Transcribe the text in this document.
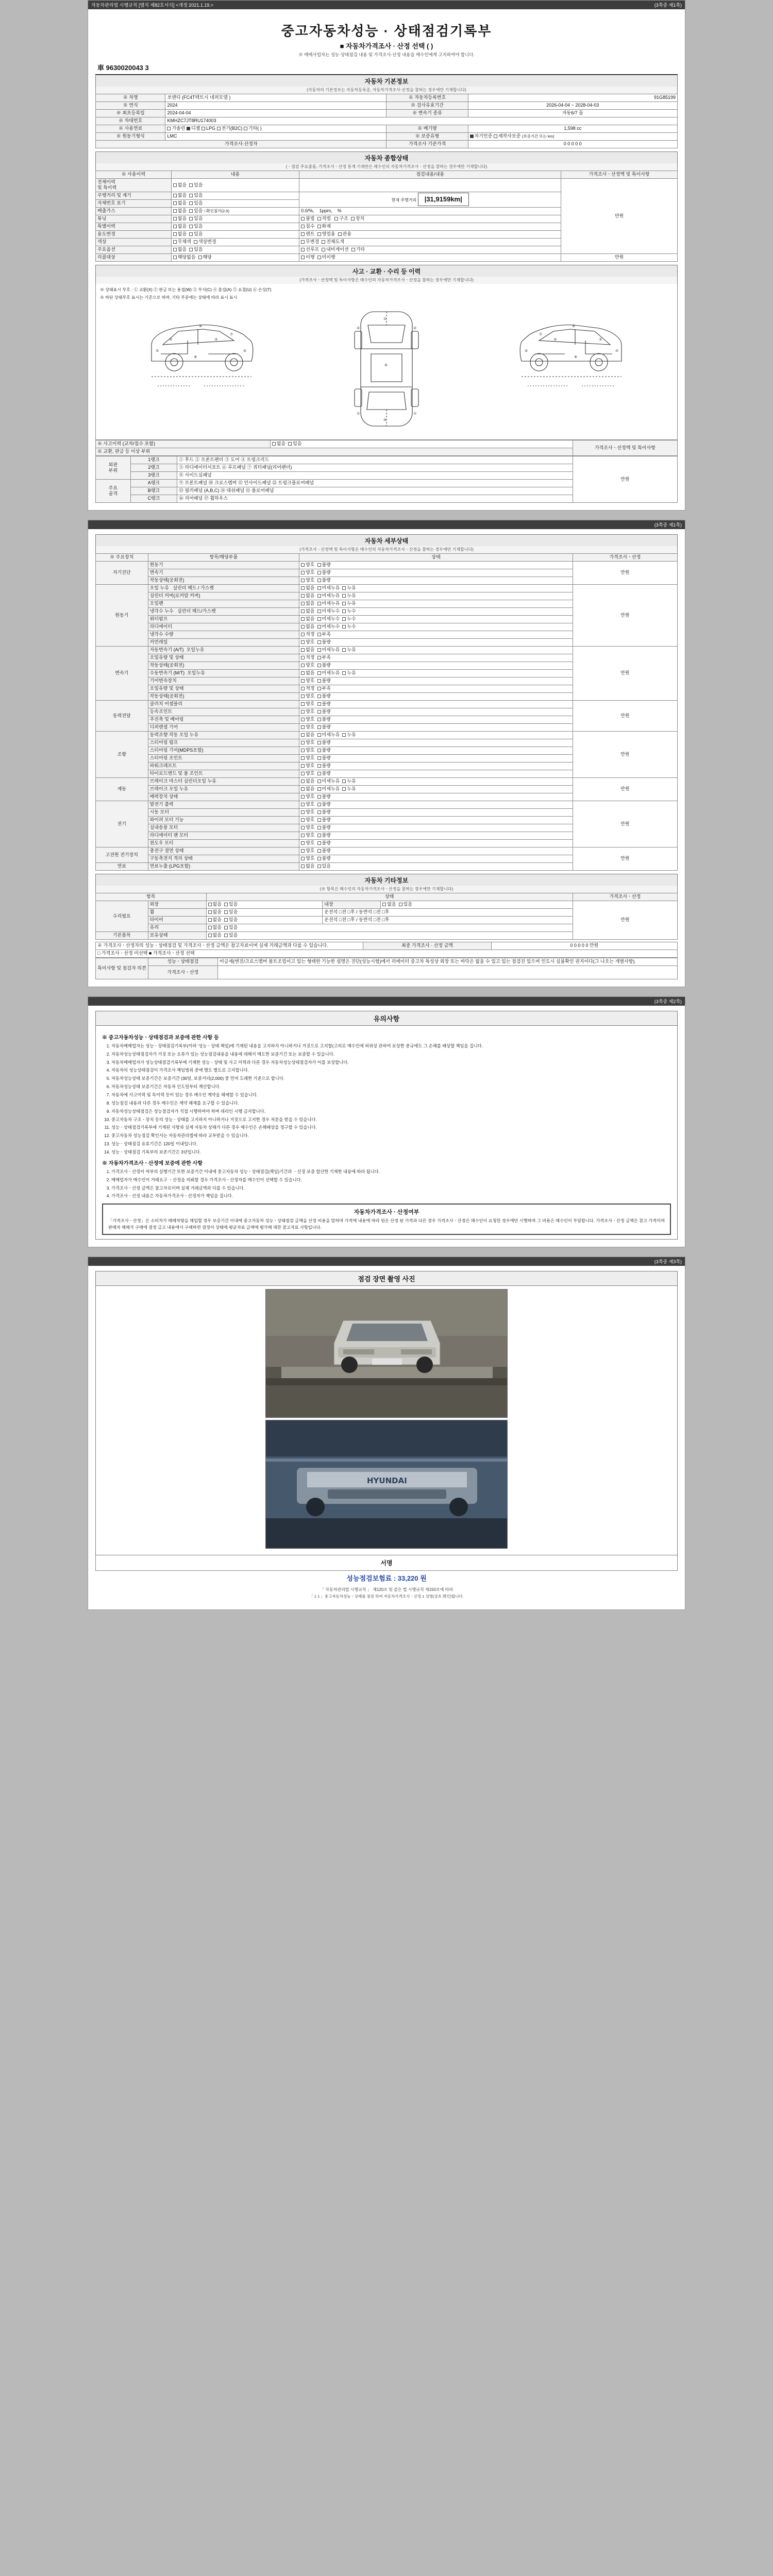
자동차관리법 시행규칙 [별지 제82호서식] <개정 2021.1.19.>	(3쪽중 제1쪽)
중고자동차성능 · 상태점검기록부
■ 자동차가격조사 · 산정 선택 ( )
※ 매매사업자는 성능·상태점검 내용 및 가격조사·산정 내용을 매수인에게 고지하여야 합니다.
車 9630020043 3
자동차 기본정보
(자동차의 기본정보는 자동차등록증, 자동차가격조사·산정을 참하는 경우에만 기재합니다)
※ 차명	쏘렌티 (FC4T텍트시 네퍼모델 )	※ 자동차등록번호	91G85199
※ 연식	2024	※ 검사유효기간	2026-04-04 ~ 2028-04-03
※ 최초등록일	2024-04-04	※ 변속기 종류	자동6/7 둘
※ 차대번호	KMHZC7JT8RU174003		
※ 사용연료	가솔린 디젤 LPG 전기(B2C) 기타( )	※ 배기량	1,598 cc
※ 원동기형식	LMC	※ 보증유형	자기인증 제작사보증 (보증기간 또는 km)
가격조사·산정자		가격조사 기준가격	0 0 0 0 0
자동차 종합상태
(ㆍ점검 주요출품, 가격조사ㆍ산정 통계 기재란은 매수인의 자동차가격조사ㆍ산정을 참하는 경우에만 기재합니다)
※ 사용이력	내용	점검내용/내용	가격조사ㆍ산정액 및 특이사항
전체이력
및 특이력	없음  있음		만원
주행거리 및 계기	없음  있음	현재 주행거리 |31,9159km|	
자체번호 표기	없음  있음		
배출가스	없음  있음 □확인불가(2.0)	0.0/%,    1ppm,    %	
튜닝	없음  있음	불법  적법   구조  장치	
특별이력	없음  있음	침수  화재	
용도변경	없음  있음	렌트  영업용  관용	
색상	무채색  색상변경	무변경  전체도색	
주요옵션	없음  있음	선루프  내비게이션  기타	
리콜대상	해당없음  해당	이행  미이행	만원
사고 · 교환 · 수리 등 이력
(가격조사ㆍ산정액 및 특이사항은 매수인의 자동차가격조사ㆍ산정을 참하는 경우에만 기재합니다)
※ 상태표시 부호 : ① 교환(X) ② 판금 또는 용접(W) ③ 부식(C) ④ 흠집(A) ⑤ 요철(U) ⑥ 손상(T)
※ 하단 상태부호 표시는 기준으로 하며, 기타 부분에는 상태에 따라 표시 표시
③	③
②	④
⑥
⑦
⑧
①
④
②	②
⑥
⑦	⑦
③
③
②
④
⑥
⑦
⑧
※ 사고이력 (교차/침수 포함)	없음  있음	가격조사ㆍ산정액 및 특이사항
※ 교환, 판금 등 이상 부위
외판
부위	1랭크	① 후드 ② 프론트펜더 ③ 도어 ④ 트렁크리드	만원
	2랭크	⑤ 라디에이터서포트 ⑥ 루프패널 ⑦ 쿼터패널(리어펜더)	
	3랭크	⑧ 사이드실패널	
주요
골격	A랭크	⑨ 프론트패널 ⑩ 크로스멤버 ⑪ 인사이드패널 ⑫ 트렁크플로어패널	
	B랭크	⑬ 필러패널 (A,B,C) ⑭ 대쉬패널 ⑮ 플로어패널	
	C랭크	⑯ 리어패널 ⑰ 휠하우스	

(3쪽중 제1쪽)
자동차 세부상태
(가격조사ㆍ산정액 및 특이사항은 매수인의 자동차가격조사ㆍ산정을 참하는 경우에만 기재합니다)
※ 주요장치	항목/해당부품	상태	가격조사ㆍ산정
자기진단	원동기	양호  불량	만원
	변속기	양호  불량	
	작동상태(공회전)	양호  불량	
원동기	오일 누유   실린더 헤드 / 가스켓	없음  미세누유  누유	만원
	실린더 커버(로커암 커버)	없음  미세누유  누유	
	오일팬	없음  미세누유  누유	
	냉각수 누수   실린더 헤드/가스켓	없음  미세누수  누수	
	워터펌프	없음  미세누수  누수	
	라디에이터	없음  미세누수  누수	
	냉각수 수량	적정  부족	
	커먼레일	양호  불량	
변속기	자동변속기 (A/T)  오일누유	없음  미세누유  누유	만원
	오일유량 및 상태	적정  부족	
	작동상태(공회전)	양호  불량	
	수동변속기 (M/T)  오일누유	없음  미세누유  누유	
	기어변속장치	양호  불량	
	오일유량 및 상태	적정  부족	
	작동상태(공회전)	양호  불량	
동력전달	클러치 어셈블리	양호  불량	만원
	등속조인트	양호  불량	
	추진축 및 베어링	양호  불량	
	디퍼렌셜 기어	양호  불량	
조향	동력조향 작동 오일 누유	없음  미세누유  누유	만원
	스티어링 펌프	양호  불량	
	스티어링 기어(MDPS포함)	양호  불량	
	스티어링 조인트	양호  불량	
	파워크래프트	양호  불량	
	타이로드엔드 및 볼 조인트	양호  불량	
제동	브레이크 마스터 실린더오일 누유	없음  미세누유  누유	만원
	브레이크 오일 누유	없음  미세누유  누유	
	배력장치 상태	양호  불량	
전기	발전기 출력	양호  불량	만원
	시동 모터	양호  불량	
	와이퍼 모터 기능	양호  불량	
	실내송풍 모터	양호  불량	
	라디에이터 팬 모터	양호  불량	
	윈도우 모터	양호  불량	
고전원 전기장치	충전구 절연 상태	양호  불량	만원
	구동축전지 격리 상태	양호  불량	
연료	연료누출 (LPG포함)	없음  있음	
자동차 기타정보
(※ 항목은 매수인의 자동차가격조사ㆍ산정을 참하는 경우에만 기재합니다)
항목		상태			가격조사ㆍ산정
수리필요	외장	없음  있음	내장	없음  있음	만원
	휠	없음  있음	운전석 □전 □후 / 동반석 □전 □후		
	타이어	없음  있음	운전석 □전 □후 / 동반석 □전 □후		
	유리	없음  있음			
기본품목	보유상태	없음  있음			
※ 가격조사ㆍ산정자의 성능ㆍ상태점검 및 가격조사ㆍ산정 금액은 참고자료이며 실제 거래금액과 다를 수 있습니다.	최종 가격조사 · 산정 금액	0 0 0 0 0 만원
□ 가격조사ㆍ산정 미선택 ■ 가격조사ㆍ산정 선택
특이사항 및 점검자 의견	성능ㆍ상태점검	비금세(엔진/크로스멤버 볼트조립이고 있는 형태한 기능한 설명은 진단(성능시험)에서 리에이터 중고차 특성상 외장 또는 바닥은 없을 수 있고 있는 점검진 있으며 인도시 실물확인 권지이다(그 나오는 개별사항).
	가격조사ㆍ산정	

(3쪽중 제2쪽)
유의사항
※ 중고자동차성능ㆍ상태점검과 보증에 관한 사항 등
1. 자동차매매업자는 성능ㆍ상태점검기록부(이하 '성능ㆍ상태 책임)에 기재된 내용을 고지하지 아니하거나 거짓으로 고지할(고의로 매수인에 허위상 관하여 보상한 중규에도 그 손해를 배상할 책임을 집니다.
2. 자동차성능상태점검자가 거짓 또는 오류가 있는 성능점검내용을 내용에 대해서 매도한 보증기간 또는 보증할 수 있습니다.
3. 자동차매매업자가 성능상태점검기록부에 기재한 성능ㆍ상태 및 사고 이력과 다른 경우 자동차성능상태점검자가 이를 보상합니다.
4. 자동차의 성능상태점검이 가격조사 책임범위 중에 별도 별도로 고지합니다.
5. 자동차성능상태 보증기간은 보증기간 (30일, 보증거리(2,000) 중 먼저 도래한 기준으로 합니다.
6. 자동차성능상태 보증기간은 자동차 인도일부터 계산합니다.
7. 자동차에 사고이력 및 특이력 등이 있는 경우 매수인 계약을 해제할 수 있습니다.
8. 성능점검 내용과 다른 경우 매수인은 계약 해제를 요구할 수 있습니다.
9. 자동차성능상태점검은 성능점검자가 직접 시행하여야 하며 대리인 시행 금지합니다.
10. 중고자동차 구조ㆍ장치 등의 성능ㆍ상태를 고지하지 아니하거나 거짓으로 고지한 경우 처분을 받을 수 있습니다.
11. 성능ㆍ상태점검기록부에 기재된 사항과 실제 자동차 상태가 다른 경우 매수인은 손해배상을 청구할 수 있습니다.
12. 중고자동차 성능점검 확인서는 자동차관리법에 따라 교부받을 수 있습니다.
13. 성능ㆍ상태점검 유효기간은 120일 이내입니다.
14. 성능ㆍ상태점검 기록부의 보존기간은 3년입니다.
※ 자동차가격조사ㆍ산정에 보증에 관한 사항
1. 가격조사ㆍ산정이 여부의 실행기간 또한 보증기간 이내에 중고자동차 성능ㆍ상태점검(책임)기간과 ㆍ산정 보증 합산한 기재한 내용에 따라 됩니다.
2. 매매업자가 매수인이 거래요구 ㆍ산정을 의뢰할 경우 가격조사ㆍ산정자를 매수인이 선택할 수 있습니다.
3. 가격조사ㆍ산정 금액은 참고자료이며 실제 거래금액과 다를 수 있습니다.
4. 가격조사ㆍ산정 내용은 자동차가격조사ㆍ산정자가 책임을 집니다.
자동차가격조사 · 산정여부

「가격조사ㆍ산정」은 소비자가 매매차량을 매입할 경우 보증기간 이내에 중고자동차 성능ㆍ상태점검 금액을 산정 비용을 말하며 가격에 내용에 따라 원은 산정 된 가격과 다른 경우 가격조사ㆍ산정은 매수인이 요청한 경우에만 시행하며 그 비용은 매수인이 부담합니다. 가격조사ㆍ산정 금액은 참고 가격이며 판매자 매매가 구매에 결정 금고 내용에서 구매하면 결정이 상태에 평균자료 금액에 평가해 대한 참고자료 사항입니다.

(3쪽중 제3쪽)
점검 장면 촬영 사진
HYUNDAI
서명
성능점검보험료 : 33,220 원
「 자동차관리법 시행규칙 」 제120조 및 같은 법 시행규칙 제150조에 따라
「 1 1 」중고자동차성능ㆍ상태를 점검 하여 자동차가격조사ㆍ산정 1 성명(상호 확인)합니다.
